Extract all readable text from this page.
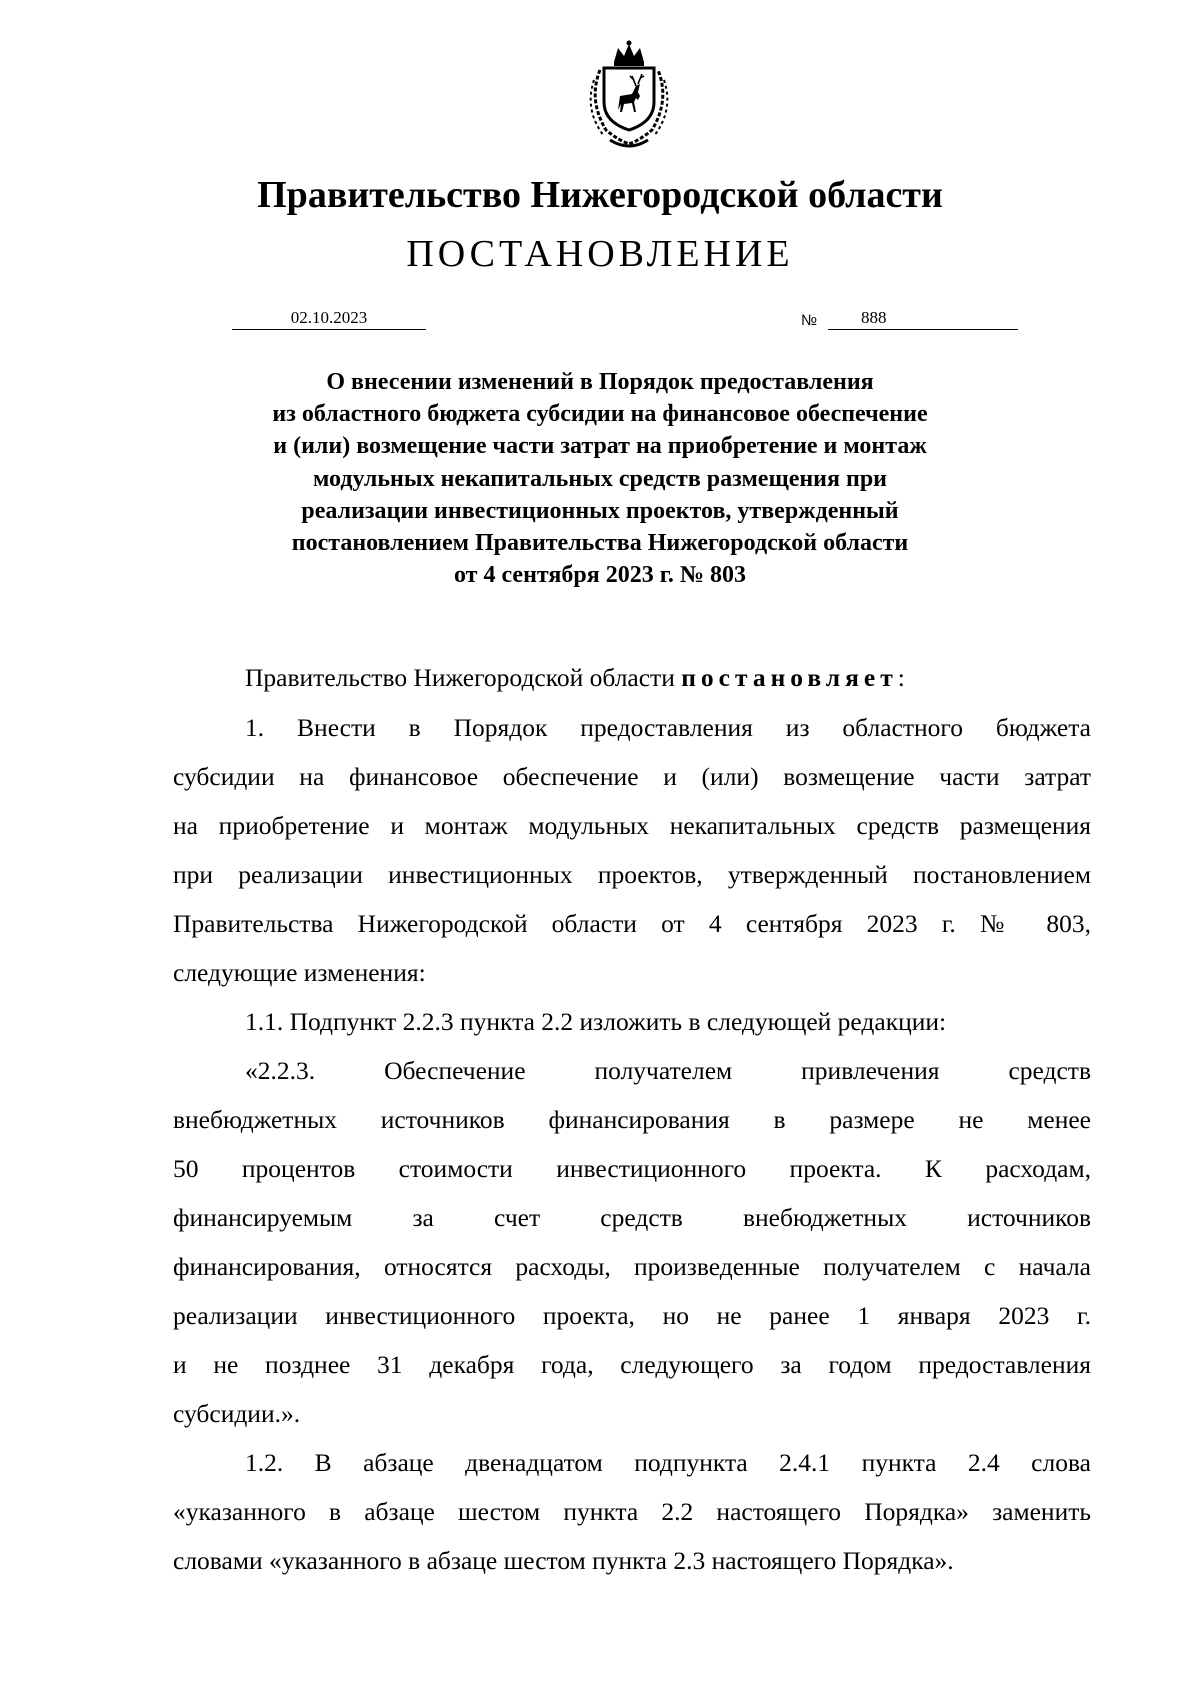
Правительство Нижегородской области
ПОСТАНОВЛЕНИЕ
02.10.2023	№	888
О внесении изменений в Порядок предоставления
из областного бюджета субсидии на финансовое обеспечение
и (или) возмещение части затрат на приобретение и монтаж
модульных некапитальных средств размещения при
реализации инвестиционных проектов, утвержденный
постановлением Правительства Нижегородской области
от 4 сентября 2023 г. № 803
Правительство Нижегородской области постановляет:
1. Внести в Порядок предоставления из областного бюджета
субсидии на финансовое обеспечение и (или) возмещение части затрат
на приобретение и монтаж модульных некапитальных средств размещения
при реализации инвестиционных проектов, утвержденный постановлением
Правительства Нижегородской области от 4 сентября 2023 г. № 803,
следующие изменения:
1.1. Подпункт 2.2.3 пункта 2.2 изложить в следующей редакции:
«2.2.3. Обеспечение получателем привлечения средств
внебюджетных источников финансирования в размере не менее
50 процентов стоимости инвестиционного проекта. К расходам,
финансируемым за счет средств внебюджетных источников
финансирования, относятся расходы, произведенные получателем с начала
реализации инвестиционного проекта, но не ранее 1 января 2023 г.
и не позднее 31 декабря года, следующего за годом предоставления
субсидии.».
1.2. В абзаце двенадцатом подпункта 2.4.1 пункта 2.4 слова
«указанного в абзаце шестом пункта 2.2 настоящего Порядка» заменить
словами «указанного в абзаце шестом пункта 2.3 настоящего Порядка».
